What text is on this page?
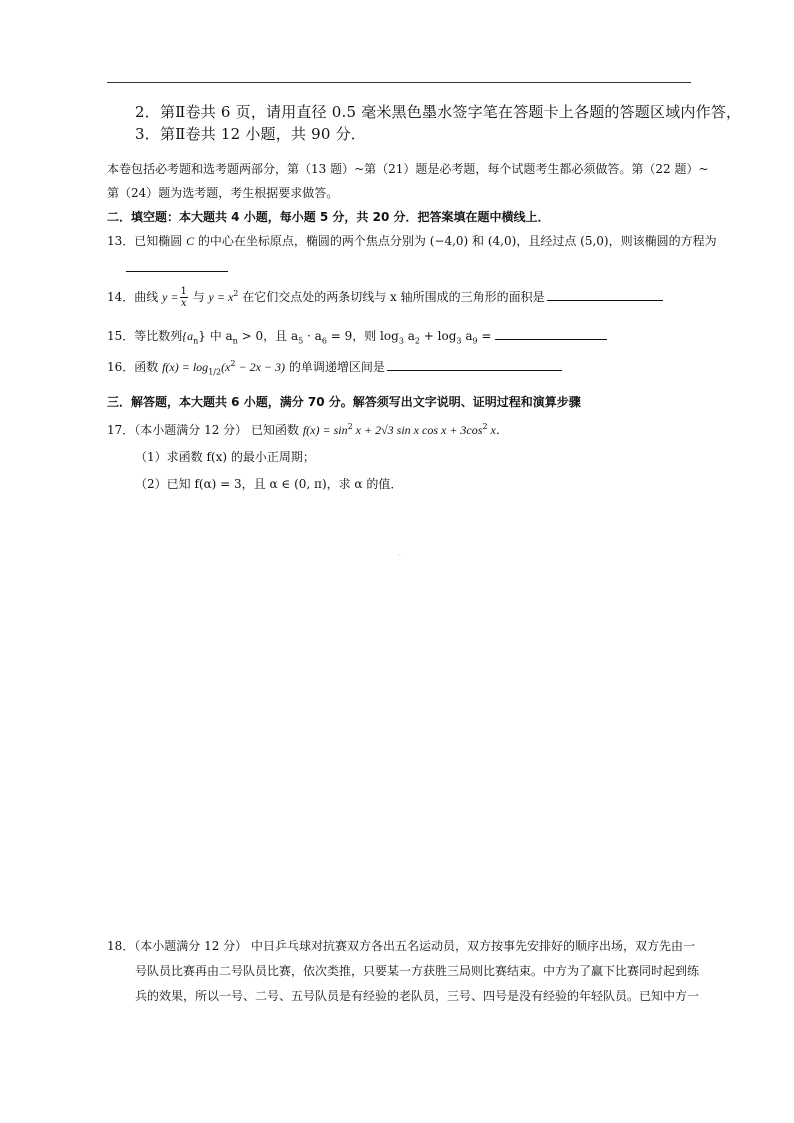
2．第Ⅱ卷共 6 页，请用直径 0.5 毫米黑色墨水签字笔在答题卡上各题的答题区域内作答，
3．第Ⅱ卷共 12 小题，共 90 分．
本卷包括必考题和选考题两部分，第（13 题）~第（21）题是必考题，每个试题考生都必须做答。第（22 题）~
第（24）题为选考题，考生根据要求做答。
二．填空题：本大题共 4 小题，每小题 5 分，共 20 分．把答案填在题中横线上．
13．已知椭圆 C 的中心在坐标原点，椭圆的两个焦点分别为 (−4,0) 和 (4,0)，且经过点 (5,0)，则该椭圆的方程为
14．曲线 $y = \frac{1}{x}$ 与 $y = x^2$ 在它们交点处的两条切线与 x 轴所围成的三角形的面积是
15．等比数列$\{a_n\}$ 中 $a_n > 0$，且 $a_5 \cdot a_6 = 9$，则 $\log_3 a_2 + \log_3 a_9$ =
16．函数 $f(x) = \log_{1/2}(x^2 - 2x - 3)$ 的单调递增区间是
三．解答题，本大题共 6 小题，满分 70 分。解答须写出文字说明、证明过程和演算步骤
17．（本小题满分 12 分） 已知函数 $f(x) = \sin^2 x + 2√3$ sin x $\cos x + 3\cos^2$ x．
（1）求函数 f(x) 的最小正周期；
（2）已知 f(α) = 3，且 α ∈ (0, π)，求 α 的值．
,,
18．（本小题满分 12 分） 中日乒乓球对抗赛双方各出五名运动员，双方按事先安排好的顺序出场，双方先由一
号队员比赛再由二号队员比赛，依次类推，只要某一方获胜三局则比赛结束。中方为了赢下比赛同时起到练
兵的效果，所以一号、二号、五号队员是有经验的老队员，三号、四号是没有经验的年轻队员。已知中方一
